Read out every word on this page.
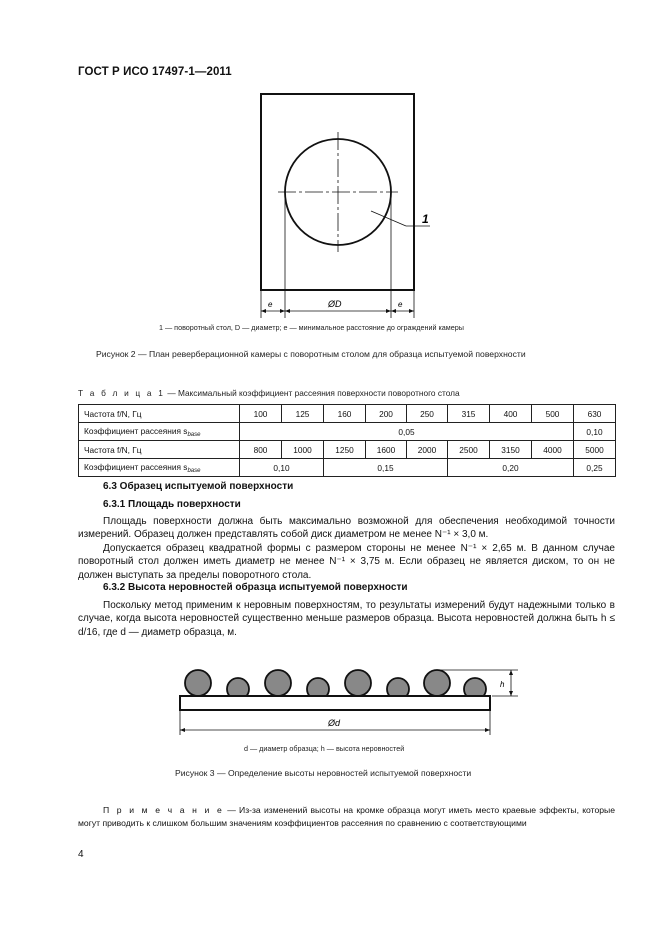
ГОСТ Р ИСО 17497-1—2011
1
e	ØD	e
1 — поворотный стол, D — диаметр; e — минимальное расстояние до ограждений камеры
Рисунок 2 — План реверберационной камеры с поворотным столом для образца испытуемой поверхности
Т а б л и ц а 1 — Максимальный коэффициент рассеяния поверхности поворотного стола
Частота f/N, Гц	100	125	160	200	250	315	400	500	630
Коэффициент рассеяния $s_{base}$	0,05								0,10
Частота f/N, Гц	800	1000	1250	1600	2000	2500	3150	4000	5000
Коэффициент рассеяния $s_{base}$	0,10		0,15			0,20			0,25
6.3 Образец испытуемой поверхности
6.3.1 Площадь поверхности

Площадь поверхности должна быть максимально возможной для обеспечения необходимой точности измерений. Образец должен представлять собой диск диаметром не менее N⁻¹ × 3,0 м.

Допускается образец квадратной формы с размером стороны не менее N⁻¹ × 2,65 м. В данном случае поворотный стол должен иметь диаметр не менее N⁻¹ × 3,75 м. Если образец не является диском, то он не должен выступать за пределы поворотного стола.

6.3.2 Высота неровностей образца испытуемой поверхности

Поскольку метод применим к неровным поверхностям, то результаты измерений будут надежными только в случае, когда высота неровностей существенно меньше размеров образца. Высота неровностей должна быть h ≤ d/16, где d — диаметр образца, м.

h
Ød
d — диаметр образца; h — высота неровностей
Рисунок 3 — Определение высоты неровностей испытуемой поверхности
П р и м е ч а н и е — Из-за изменений высоты на кромке образца могут иметь место краевые эффекты, которые могут приводить к слишком большим значениям коэффициентов рассеяния по сравнению с соответствующими
4
